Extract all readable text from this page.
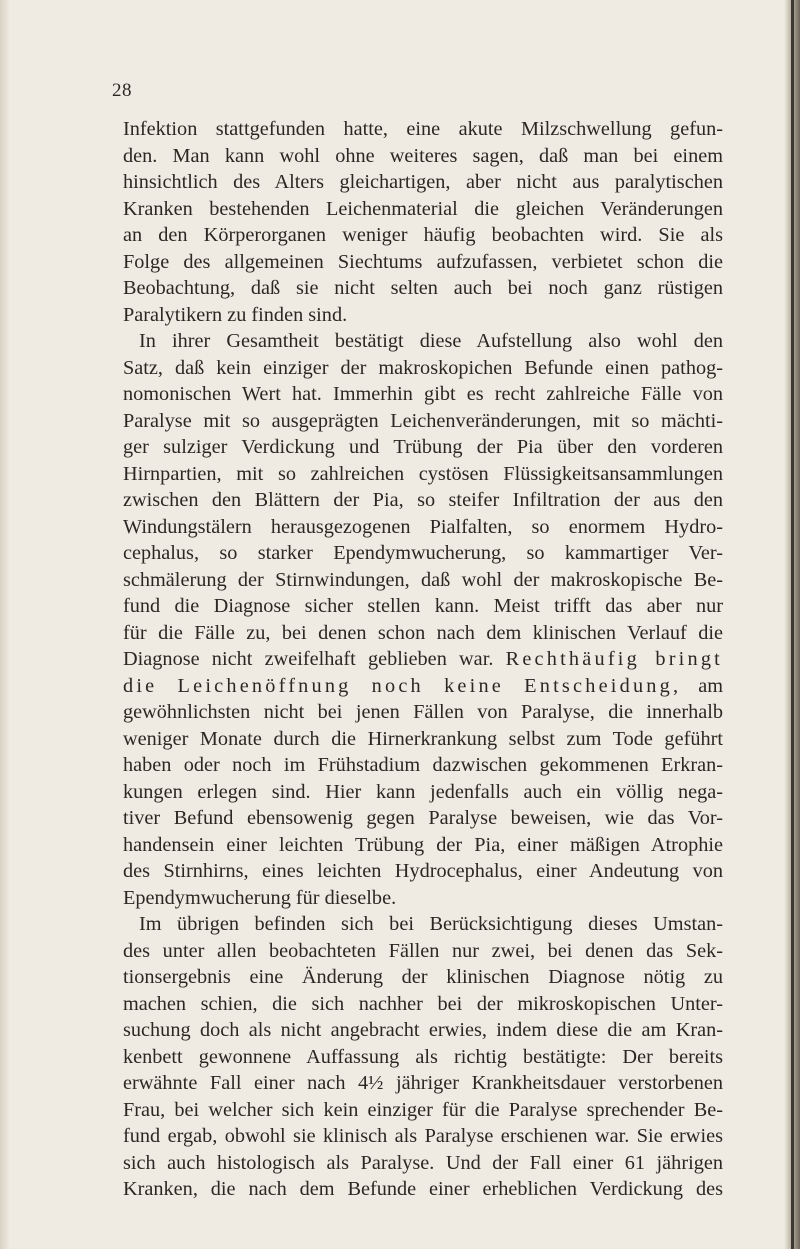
28
Infektion stattgefunden hatte, eine akute Milzschwellung gefun-
den. Man kann wohl ohne weiteres sagen, daß man bei einem
hinsichtlich des Alters gleichartigen, aber nicht aus paralytischen
Kranken bestehenden Leichenmaterial die gleichen Veränderungen
an den Körperorganen weniger häufig beobachten wird. Sie als
Folge des allgemeinen Siechtums aufzufassen, verbietet schon die
Beobachtung, daß sie nicht selten auch bei noch ganz rüstigen
Paralytikern zu finden sind.
In ihrer Gesamtheit bestätigt diese Aufstellung also wohl den
Satz, daß kein einziger der makroskopichen Befunde einen pathog-
nomonischen Wert hat. Immerhin gibt es recht zahlreiche Fälle von
Paralyse mit so ausgeprägten Leichenveränderungen, mit so mächti-
ger sulziger Verdickung und Trübung der Pia über den vorderen
Hirnpartien, mit so zahlreichen cystösen Flüssigkeitsansammlungen
zwischen den Blättern der Pia, so steifer Infiltration der aus den
Windungstälern herausgezogenen Pialfalten, so enormem Hydro-
cephalus, so starker Ependymwucherung, so kammartiger Ver-
schmälerung der Stirnwindungen, daß wohl der makroskopische Be-
fund die Diagnose sicher stellen kann. Meist trifft das aber nur
für die Fälle zu, bei denen schon nach dem klinischen Verlauf die
Diagnose nicht zweifelhaft geblieben war. Rechthäufig bringt
die Leichenöffnung noch keine Entscheidung, am
gewöhnlichsten nicht bei jenen Fällen von Paralyse, die innerhalb
weniger Monate durch die Hirnerkrankung selbst zum Tode geführt
haben oder noch im Frühstadium dazwischen gekommenen Erkran-
kungen erlegen sind. Hier kann jedenfalls auch ein völlig nega-
tiver Befund ebensowenig gegen Paralyse beweisen, wie das Vor-
handensein einer leichten Trübung der Pia, einer mäßigen Atrophie
des Stirnhirns, eines leichten Hydrocephalus, einer Andeutung von
Ependymwucherung für dieselbe.
Im übrigen befinden sich bei Berücksichtigung dieses Umstan-
des unter allen beobachteten Fällen nur zwei, bei denen das Sek-
tionsergebnis eine Änderung der klinischen Diagnose nötig zu
machen schien, die sich nachher bei der mikroskopischen Unter-
suchung doch als nicht angebracht erwies, indem diese die am Kran-
kenbett gewonnene Auffassung als richtig bestätigte: Der bereits
erwähnte Fall einer nach 4½ jähriger Krankheitsdauer verstorbenen
Frau, bei welcher sich kein einziger für die Paralyse sprechender Be-
fund ergab, obwohl sie klinisch als Paralyse erschienen war. Sie erwies
sich auch histologisch als Paralyse. Und der Fall einer 61 jährigen
Kranken, die nach dem Befunde einer erheblichen Verdickung des
